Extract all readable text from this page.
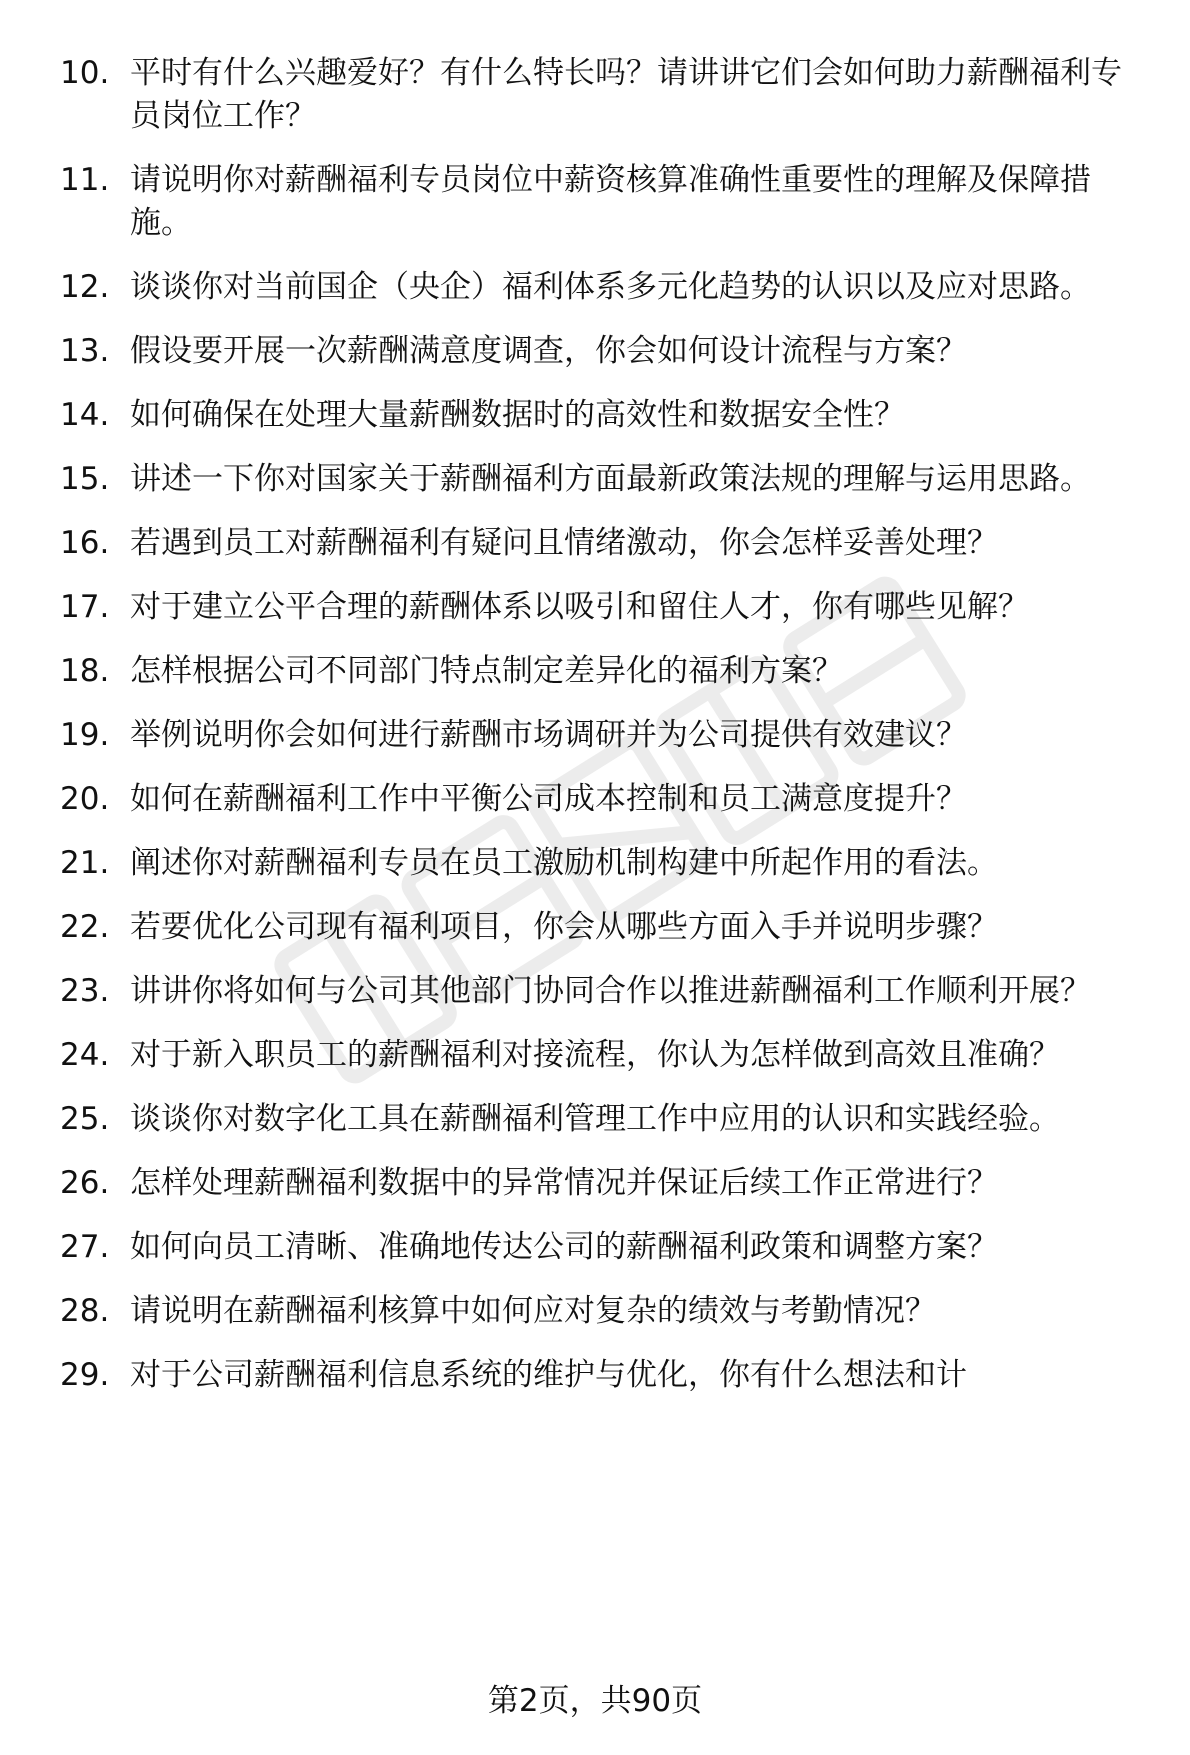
10. 平时有什么兴趣爱好？有什么特长吗？请讲讲它们会如何助力薪酬福利专员岗位工作？
11. 请说明你对薪酬福利专员岗位中薪资核算准确性重要性的理解及保障措施。
12. 谈谈你对当前国企（央企）福利体系多元化趋势的认识以及应对思路。
13. 假设要开展一次薪酬满意度调查，你会如何设计流程与方案？
14. 如何确保在处理大量薪酬数据时的高效性和数据安全性？
15. 讲述一下你对国家关于薪酬福利方面最新政策法规的理解与运用思路。
16. 若遇到员工对薪酬福利有疑问且情绪激动，你会怎样妥善处理？
17. 对于建立公平合理的薪酬体系以吸引和留住人才，你有哪些见解？
18. 怎样根据公司不同部门特点制定差异化的福利方案？
19. 举例说明你会如何进行薪酬市场调研并为公司提供有效建议？
20. 如何在薪酬福利工作中平衡公司成本控制和员工满意度提升？
21. 阐述你对薪酬福利专员在员工激励机制构建中所起作用的看法。
22. 若要优化公司现有福利项目，你会从哪些方面入手并说明步骤？
23. 讲讲你将如何与公司其他部门协同合作以推进薪酬福利工作顺利开展？
24. 对于新入职员工的薪酬福利对接流程，你认为怎样做到高效且准确？
25. 谈谈你对数字化工具在薪酬福利管理工作中应用的认识和实践经验。
26. 怎样处理薪酬福利数据中的异常情况并保证后续工作正常进行？
27. 如何向员工清晰、准确地传达公司的薪酬福利政策和调整方案？
28. 请说明在薪酬福利核算中如何应对复杂的绩效与考勤情况？
29. 对于公司薪酬福利信息系统的维护与优化，你有什么想法和计
第2页，共90页
